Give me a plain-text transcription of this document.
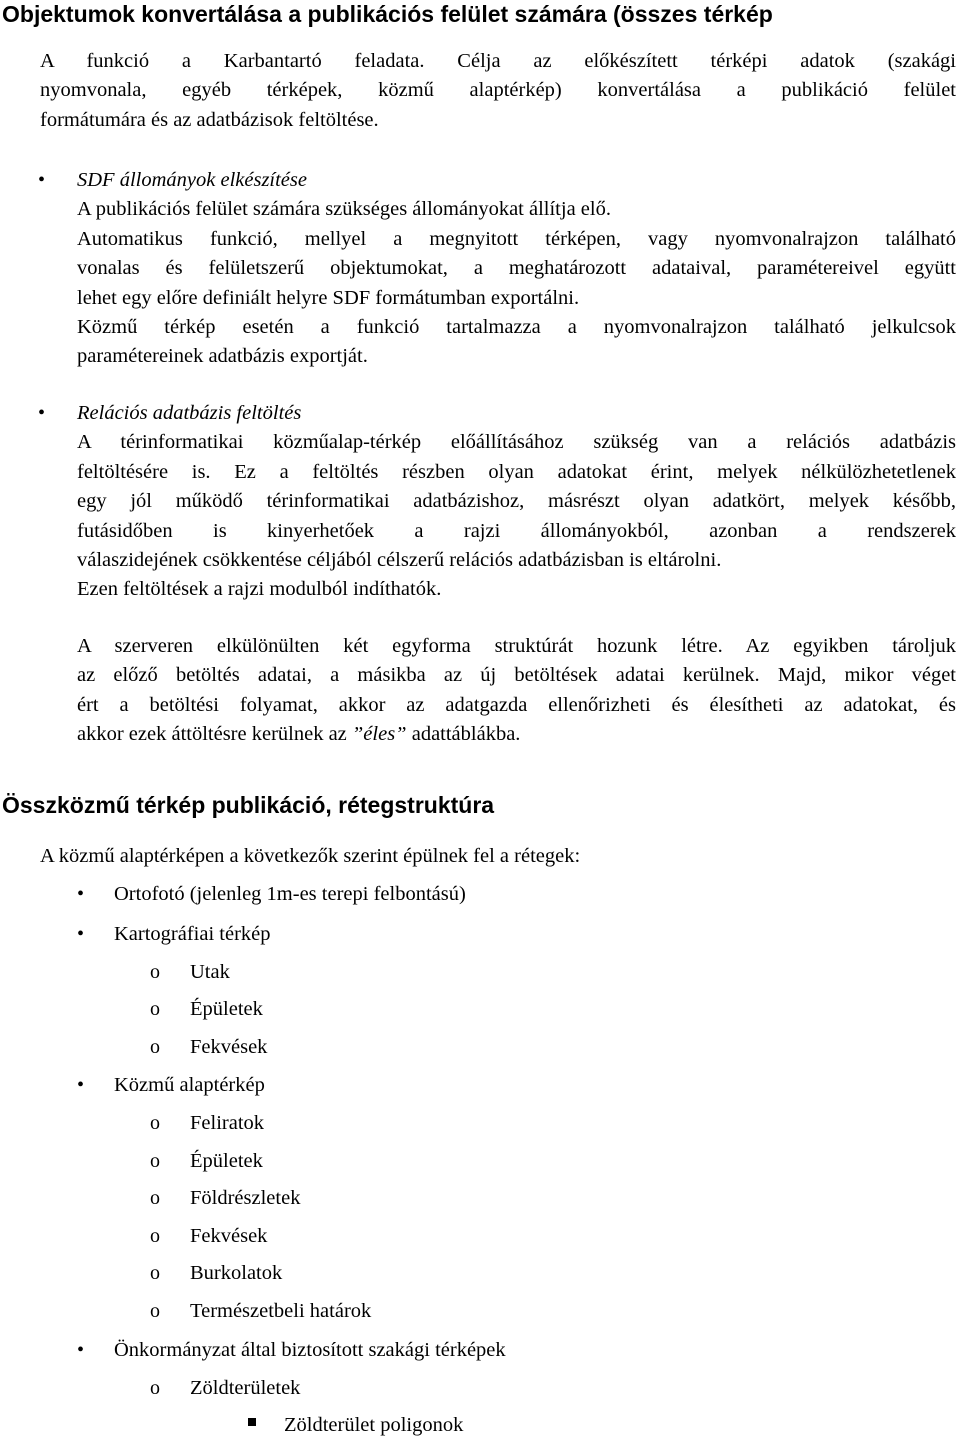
Objektumok konvertálása a publikációs felület számára (összes térkép
A funkció a Karbantartó feladata. Célja az előkészített térképi adatok (szakági
nyomvonala, egyéb térképek, közmű alaptérkép) konvertálása a publikáció felület
formátumára és az adatbázisok feltöltése.
• SDF állományok elkészítése
A publikációs felület számára szükséges állományokat állítja elő.
Automatikus funkció, mellyel a megnyitott térképen, vagy nyomvonalrajzon található
vonalas és felületszerű objektumokat, a meghatározott adataival, paramétereivel együtt
lehet egy előre definiált helyre SDF formátumban exportálni.
Közmű térkép esetén a funkció tartalmazza a nyomvonalrajzon található jelkulcsok
paramétereinek adatbázis exportját.
• Relációs adatbázis feltöltés
A térinformatikai közműalap-térkép előállításához szükség van a relációs adatbázis
feltöltésére is. Ez a feltöltés részben olyan adatokat érint, melyek nélkülözhetetlenek
egy jól működő térinformatikai adatbázishoz, másrészt olyan adatkört, melyek később,
futásidőben is kinyerhetőek a rajzi állományokból, azonban a rendszerek
válaszidejének csökkentése céljából célszerű relációs adatbázisban is eltárolni.
Ezen feltöltések a rajzi modulból indíthatók.
A szerveren elkülönülten két egyforma struktúrát hozunk létre. Az egyikben tároljuk
az előző betöltés adatai, a másikba az új betöltések adatai kerülnek. Majd, mikor véget
ért a betöltési folyamat, akkor az adatgazda ellenőrizheti és élesítheti az adatokat, és
akkor ezek áttöltésre kerülnek az ”éles” adattáblákba.
Összközmű térkép publikáció, rétegstruktúra
A közmű alaptérképen a következők szerint épülnek fel a rétegek:
• Ortofotó (jelenleg 1m-es terepi felbontású)
• Kartográfiai térkép
o Utak
o Épületek
o Fekvések
• Közmű alaptérkép
o Feliratok
o Épületek
o Földrészletek
o Fekvések
o Burkolatok
o Természetbeli határok
• Önkormányzat által biztosított szakági térképek
o Zöldterületek
Zöldterület poligonok
